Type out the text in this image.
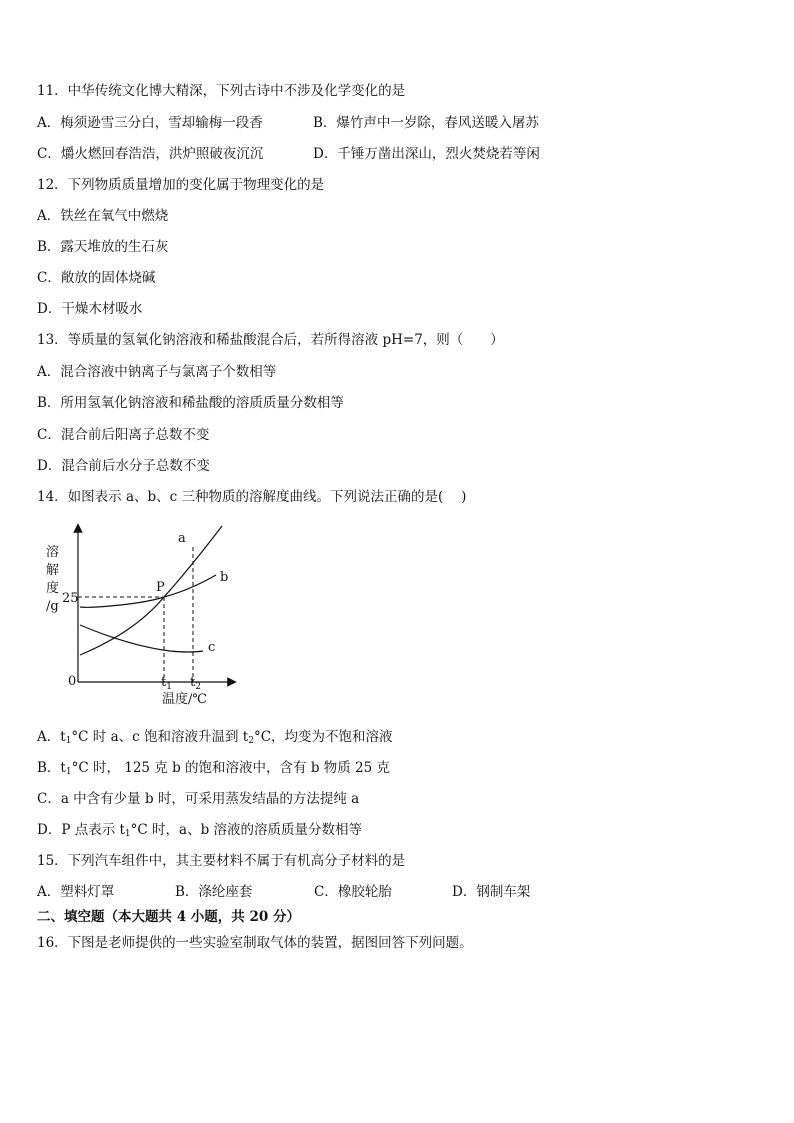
11．中华传统文化博大精深，下列古诗中不涉及化学变化的是
A．梅须逊雪三分白，雪却输梅一段香	B．爆竹声中一岁除，春风送暖入屠苏
C．爝火燃回春浩浩，洪炉照破夜沉沉	D．千锤万凿出深山，烈火焚烧若等闲
12．下列物质质量增加的变化属于物理变化的是
A．铁丝在氧气中燃烧
B．露天堆放的生石灰
C．敞放的固体烧碱
D．干燥木材吸水
13．等质量的氢氧化钠溶液和稀盐酸混合后，若所得溶液 pH=7，则（　　）
A．混合溶液中钠离子与氯离子个数相等
B．所用氢氧化钠溶液和稀盐酸的溶质质量分数相等
C．混合前后阳离子总数不变
D．混合前后水分子总数不变
14．如图表示 a、b、c 三种物质的溶解度曲线。下列说法正确的是(　 )
溶
解
度
/g
25
0
P
a
b
c
$t_1$ $t_2$
温度/℃
A．$t_1^\circ C$ 时 a、c 饱和溶液升温到 $t_2^\circ C$，均变为不饱和溶液
B．$t_1^\circ C$ 时， 125 克 b 的饱和溶液中，含有 b 物质 25 克
C．a 中含有少量 b 时，可采用蒸发结晶的方法提纯 a
D．P 点表示 $t_1^\circ C$ 时，a、b 溶液的溶质质量分数相等
15．下列汽车组件中，其主要材料不属于有机高分子材料的是
A．塑料灯罩	B．涤纶座套	C．橡胶轮胎	D．钢制车架
二、填空题（本大题共 4 小题，共 20 分）
16．下图是老师提供的一些实验室制取气体的装置，据图回答下列问题。
